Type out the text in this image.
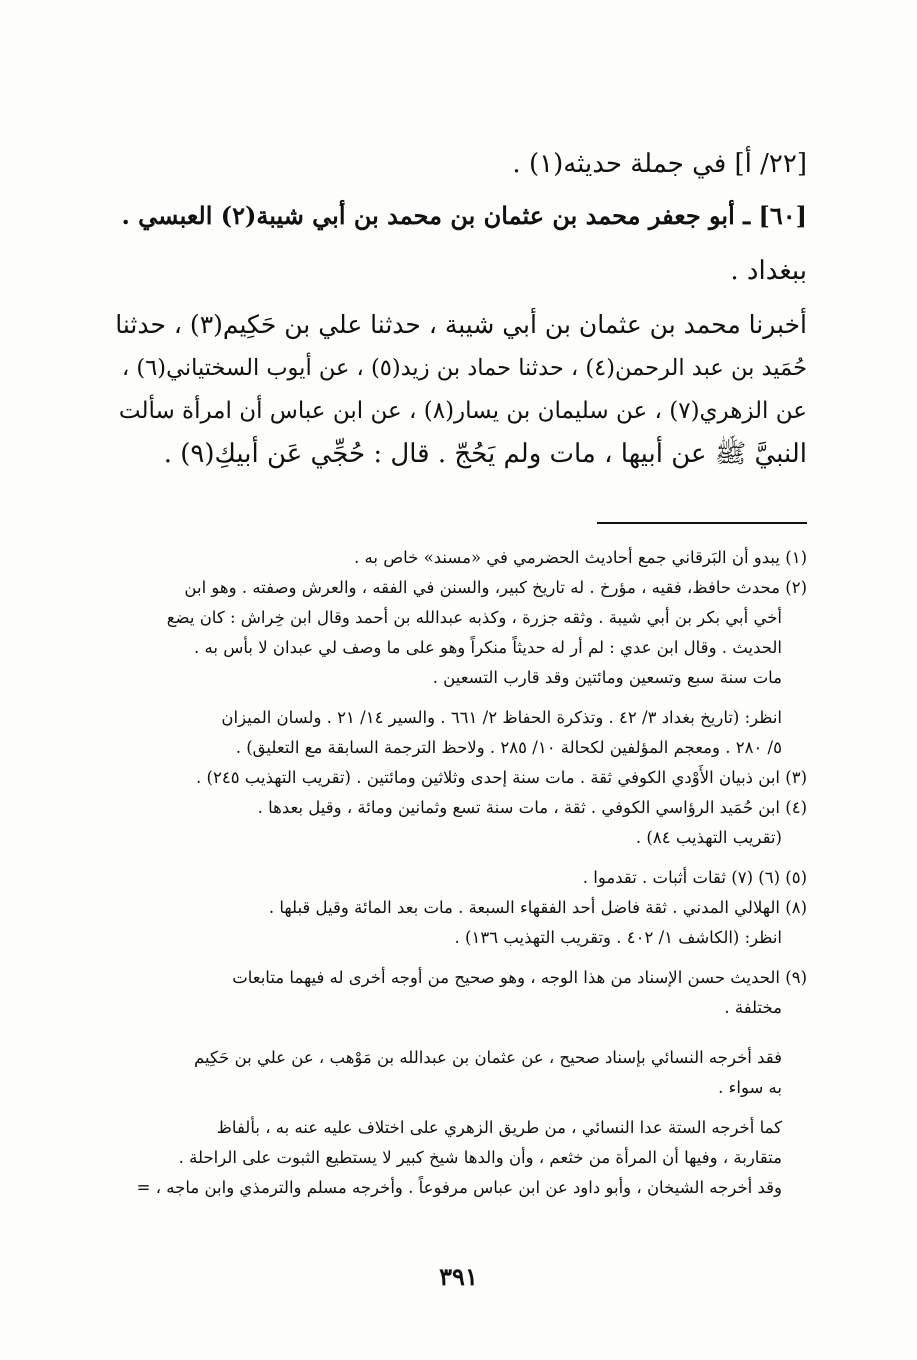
[٢٢/ أ] في جملة حديثه(١) .
[٦٠] ـ أبو جعفر محمد بن عثمان بن محمد بن أبي شيبة(٢) العبسي .
ببغداد .
أخبرنا محمد بن عثمان بن أبي شيبة ، حدثنا علي بن حَكِيم(٣) ، حدثنا
حُمَيد بن عبد الرحمن(٤) ، حدثنا حماد بن زيد(٥) ، عن أيوب السختياني(٦) ،
عن الزهري(٧) ، عن سليمان بن يسار(٨) ، عن ابن عباس أن امرأة سألت
النبيَّ ﷺ عن أبيها ، مات ولم يَحُجّ . قال : حُجِّي عَن أبيكِ(٩) .
(١) يبدو أن البَرقاني جمع أحاديث الحضرمي في «مسند» خاص به .
(٢) محدث حافظ، فقيه ، مؤرخ . له تاريخ كبير، والسنن في الفقه ، والعرش وصفته . وهو ابن
أخي أبي بكر بن أبي شيبة . وثقه جزرة ، وكذبه عبدالله بن أحمد وقال ابن خِراش : كان يضع
الحديث . وقال ابن عدي : لم أر له حديثاً منكراً وهو على ما وصف لي عبدان لا بأس به .
مات سنة سبع وتسعين ومائتين وقد قارب التسعين .
انظر: (تاريخ بغداد ٣/ ٤٢ . وتذكرة الحفاظ ٢/ ٦٦١ . والسير ١٤/ ٢١ . ولسان الميزان
٥/ ٢٨٠ . ومعجم المؤلفين لكحالة ١٠/ ٢٨٥ . ولاحظ الترجمة السابقة مع التعليق) .
(٣) ابن ذبيان الأَوْدي الكوفي ثقة . مات سنة إحدى وثلاثين ومائتين . (تقريب التهذيب ٢٤٥) .
(٤) ابن حُمَيد الرؤاسي الكوفي . ثقة ، مات سنة تسع وثمانين ومائة ، وقيل بعدها .
(تقريب التهذيب ٨٤) .
(٥) (٦) (٧) ثقات أثبات . تقدموا .
(٨) الهلالي المدني . ثقة فاضل أحد الفقهاء السبعة . مات بعد المائة وقيل قبلها .
انظر: (الكاشف ١/ ٤٠٢ . وتقريب التهذيب ١٣٦) .
(٩) الحديث حسن الإسناد من هذا الوجه ، وهو صحيح من أوجه أخرى له فيهما متابعات
مختلفة .
فقد أخرجه النسائي بإسناد صحيح ، عن عثمان بن عبدالله بن مَوْهب ، عن علي بن حَكِيم
به سواء .
كما أخرجه الستة عدا النسائي ، من طريق الزهري على اختلاف عليه عنه به ، بألفاظ
متقاربة ، وفيها أن المرأة من خثعم ، وأن والدها شيخ كبير لا يستطيع الثبوت على الراحلة .
وقد أخرجه الشيخان ، وأبو داود عن ابن عباس مرفوعاً . وأخرجه مسلم والترمذي وابن ماجه ، =
٣٩١
